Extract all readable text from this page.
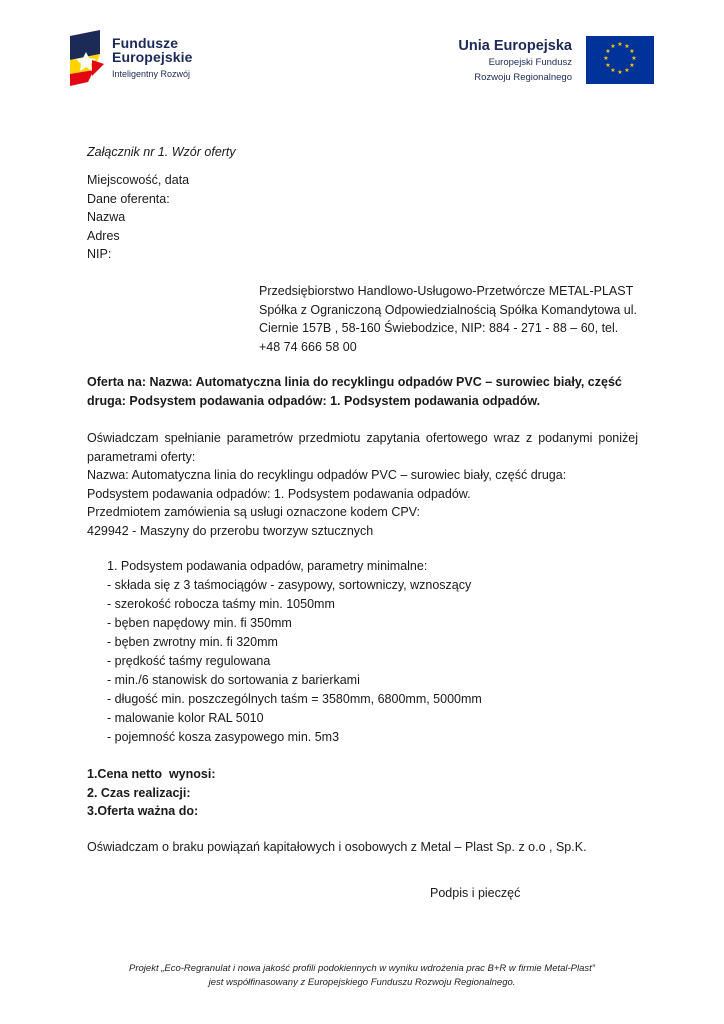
Fundusze
Europejskie
Inteligentny Rozwój
Unia Europejska
Europejski Fundusz
Rozwoju Regionalnego
★ ★
★
★
★
★
★
★
★
★
★
★
Załącznik nr 1. Wzór oferty
Miejscowość, data
Dane oferenta:
Nazwa
Adres
NIP:
Przedsiębiorstwo Handlowo-Usługowo-Przetwórcze METAL-PLAST Spółka z Ograniczoną Odpowiedzialnością Spółka Komandytowa ul. Ciernie 157B , 58-160 Świebodzice, NIP: 884 - 271 - 88 – 60, tel. +48 74 666 58 00
Oferta na: Nazwa: Automatyczna linia do recyklingu odpadów PVC – surowiec biały, część druga: Podsystem podawania odpadów: 1. Podsystem podawania odpadów.
Oświadczam spełnianie parametrów przedmiotu zapytania ofertowego wraz z podanymi poniżej parametrami oferty:
Nazwa: Automatyczna linia do recyklingu odpadów PVC – surowiec biały, część druga:
Podsystem podawania odpadów: 1. Podsystem podawania odpadów.
Przedmiotem zamówienia są usługi oznaczone kodem CPV:
429942 - Maszyny do przerobu tworzyw sztucznych
1. Podsystem podawania odpadów, parametry minimalne:
- składa się z 3 taśmociągów - zasypowy, sortowniczy, wznoszący
- szerokość robocza taśmy min. 1050mm
- bęben napędowy min. fi 350mm
- bęben zwrotny min. fi 320mm
- prędkość taśmy regulowana
- min./6 stanowisk do sortowania z barierkami
- długość min. poszczególnych taśm = 3580mm, 6800mm, 5000mm
- malowanie kolor RAL 5010
- pojemność kosza zasypowego min. 5m3
1.Cena netto  wynosi:
2. Czas realizacji:
3.Oferta ważna do:
Oświadczam o braku powiązań kapitałowych i osobowych z Metal – Plast Sp. z o.o , Sp.K.
Podpis i pieczęć
Projekt „Eco-Regranulat i nowa jakość profili podokiennych w wyniku wdrożenia prac B+R w firmie Metal-Plast”
jest współfinasowany z Europejskiego Funduszu Rozwoju Regionalnego.
